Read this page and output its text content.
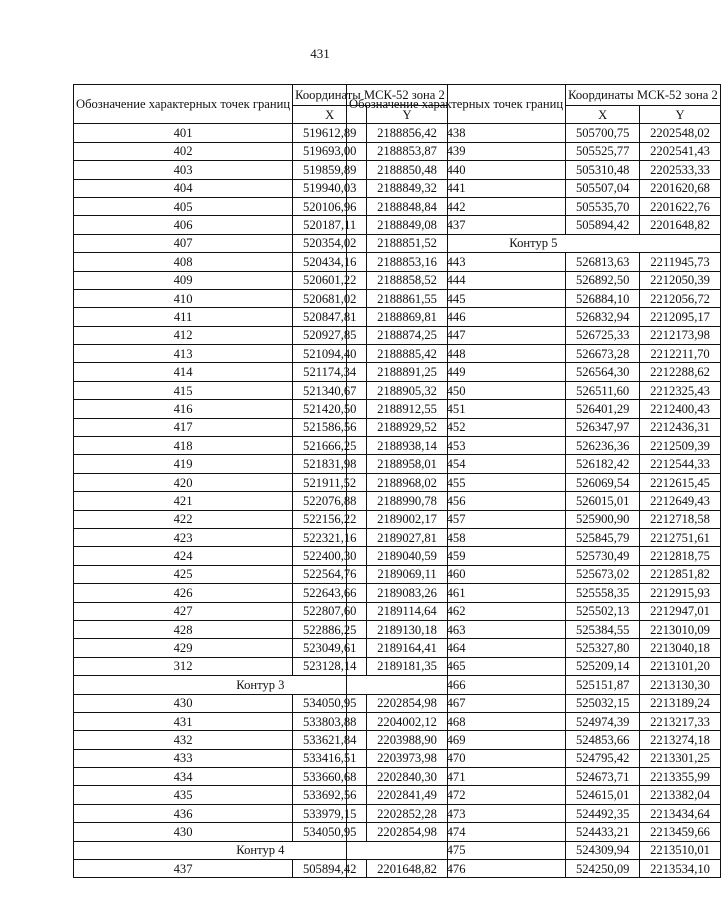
431
Обозначение характерных точек границ	Координаты МСК-52 зона 2	
	X	Y
401	519612,89	2188856,42
402	519693,00	2188853,87
403	519859,89	2188850,48
404	519940,03	2188849,32
405	520106,96	2188848,84
406	520187,11	2188849,08
407	520354,02	2188851,52
408	520434,16	2188853,16
409	520601,22	2188858,52
410	520681,02	2188861,55
411	520847,81	2188869,81
412	520927,85	2188874,25
413	521094,40	2188885,42
414	521174,34	2188891,25
415	521340,67	2188905,32
416	521420,50	2188912,55
417	521586,56	2188929,52
418	521666,25	2188938,14
419	521831,98	2188958,01
420	521911,52	2188968,02
421	522076,88	2188990,78
422	522156,22	2189002,17
423	522321,16	2189027,81
424	522400,30	2189040,59
425	522564,76	2189069,11
426	522643,66	2189083,26
427	522807,60	2189114,64
428	522886,25	2189130,18
429	523049,61	2189164,41
312	523128,14	2189181,35
Контур 3		
430	534050,95	2202854,98
431	533803,88	2204002,12
432	533621,84	2203988,90
433	533416,51	2203973,98
434	533660,68	2202840,30
435	533692,56	2202841,49
436	533979,15	2202852,28
430	534050,95	2202854,98
Контур 4		
437	505894,42	2201648,82
Обозначение характерных точек границ	Координаты МСК-52 зона 2	
	X	Y
438	505700,75	2202548,02
439	505525,77	2202541,43
440	505310,48	2202533,33
441	505507,04	2201620,68
442	505535,70	2201622,76
437	505894,42	2201648,82
Контур 5		
443	526813,63	2211945,73
444	526892,50	2212050,39
445	526884,10	2212056,72
446	526832,94	2212095,17
447	526725,33	2212173,98
448	526673,28	2212211,70
449	526564,30	2212288,62
450	526511,60	2212325,43
451	526401,29	2212400,43
452	526347,97	2212436,31
453	526236,36	2212509,39
454	526182,42	2212544,33
455	526069,54	2212615,45
456	526015,01	2212649,43
457	525900,90	2212718,58
458	525845,79	2212751,61
459	525730,49	2212818,75
460	525673,02	2212851,82
461	525558,35	2212915,93
462	525502,13	2212947,01
463	525384,55	2213010,09
464	525327,80	2213040,18
465	525209,14	2213101,20
466	525151,87	2213130,30
467	525032,15	2213189,24
468	524974,39	2213217,33
469	524853,66	2213274,18
470	524795,42	2213301,25
471	524673,71	2213355,99
472	524615,01	2213382,04
473	524492,35	2213434,64
474	524433,21	2213459,66
475	524309,94	2213510,01
476	524250,09	2213534,10
